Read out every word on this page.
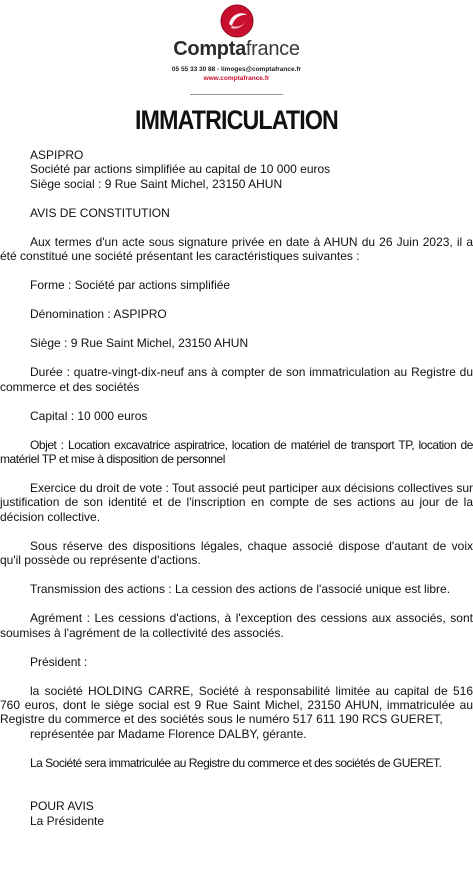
Comptafrance
05 55 33 30 88 - limoges@comptafrance.fr
www.comptafrance.fr
IMMATRICULATION

ASPIPRO

Société par actions simplifiée au capital de 10 000 euros

Siège social : 9 Rue Saint Michel, 23150 AHUN

AVIS DE CONSTITUTION

Aux termes d'un acte sous signature privée en date à AHUN du 26 Juin 2023, il a été constitué une société présentant les caractéristiques suivantes :

Forme : Société par actions simplifiée

Dénomination : ASPIPRO

Siège : 9 Rue Saint Michel, 23150 AHUN

Durée : quatre-vingt-dix-neuf ans à compter de son immatriculation au Registre du commerce et des sociétés

Capital : 10 000 euros

Objet : Location excavatrice aspiratrice, location de matériel de transport TP, location de matériel TP et mise à disposition de personnel

Exercice du droit de vote : Tout associé peut participer aux décisions collectives sur justification de son identité et de l'inscription en compte de ses actions au jour de la décision collective.

Sous réserve des dispositions légales, chaque associé dispose d'autant de voix qu'il possède ou représente d'actions.

Transmission des actions : La cession des actions de l'associé unique est libre.

Agrément : Les cessions d'actions, à l'exception des cessions aux associés, sont soumises à l'agrément de la collectivité des associés.

Président :

la société HOLDING CARRE, Société à responsabilité limitée au capital de 516 760 euros, dont le siège social est 9 Rue Saint Michel, 23150 AHUN, immatriculée au Registre du commerce et des sociétés sous le numéro 517 611 190 RCS GUERET,

représentée par Madame Florence DALBY, gérante.

La Société sera immatriculée au Registre du commerce et des sociétés de GUERET.

POUR AVIS

La Présidente
